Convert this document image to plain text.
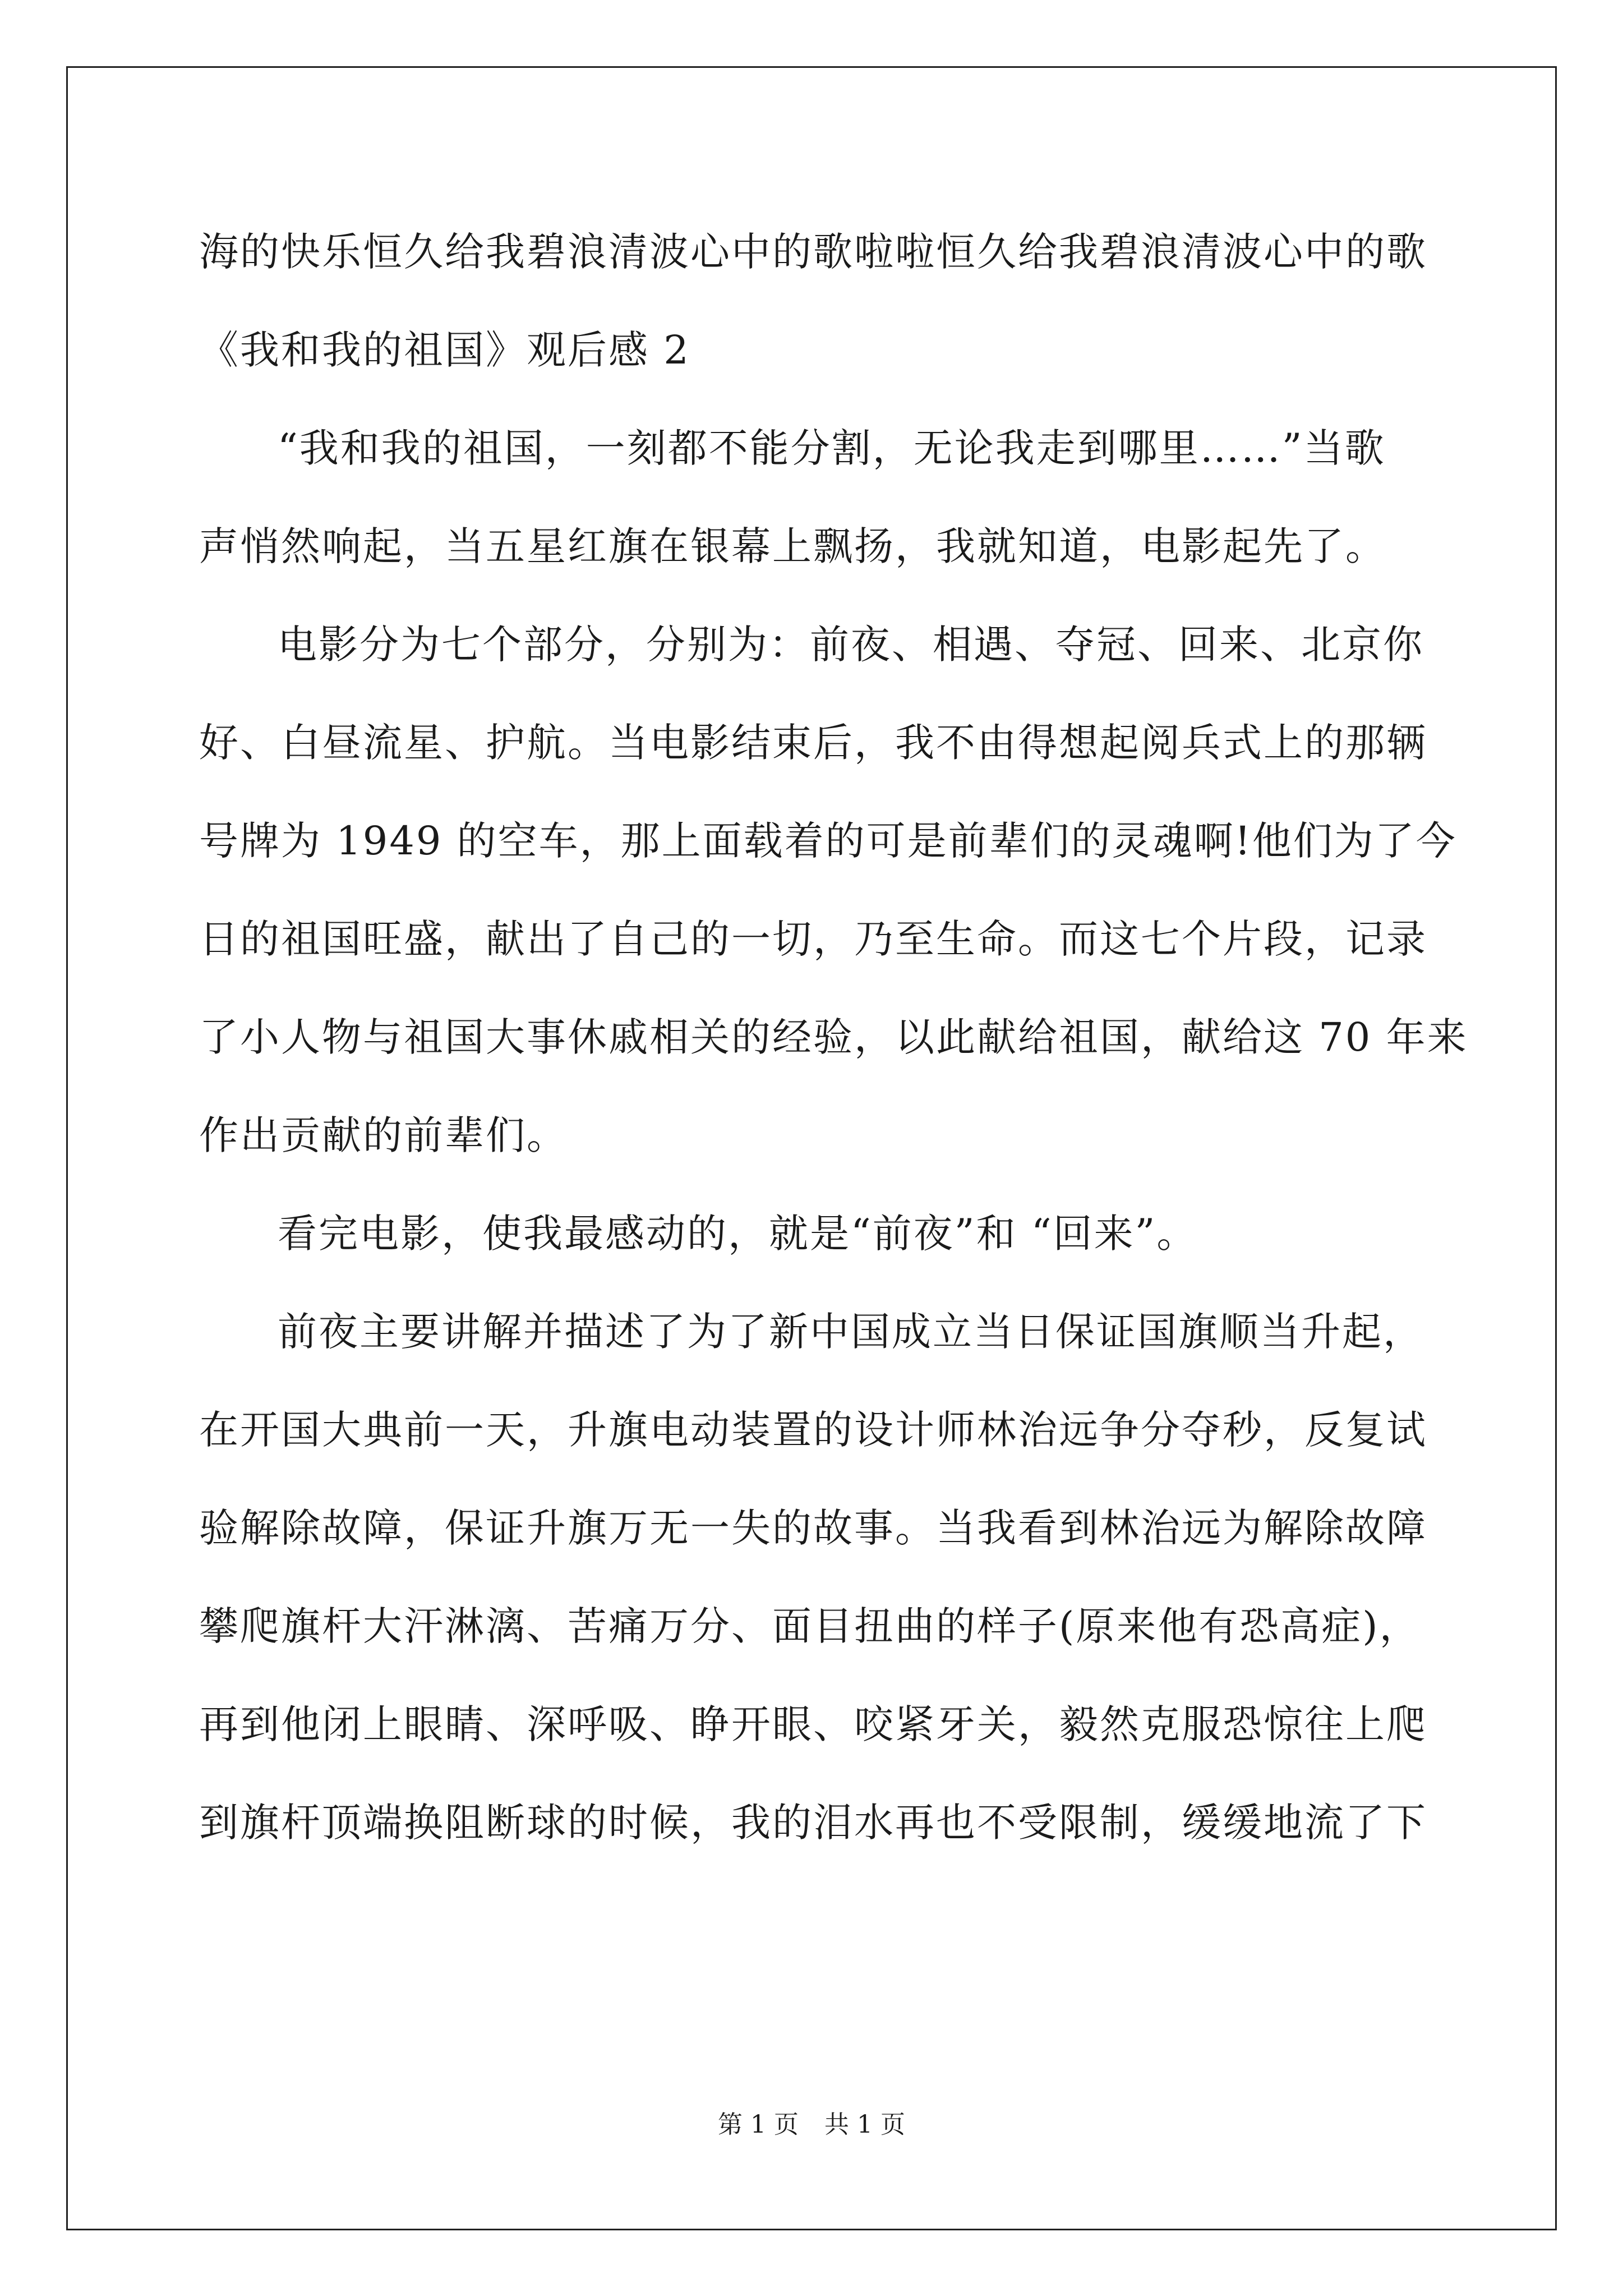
海的快乐恒久给我碧浪清波心中的歌啦啦恒久给我碧浪清波心中的歌
《我和我的祖国》观后感 2
“我和我的祖国，一刻都不能分割，无论我走到哪里……”当歌
声悄然响起，当五星红旗在银幕上飘扬，我就知道，电影起先了。
电影分为七个部分，分别为：前夜、相遇、夺冠、回来、北京你
好、白昼流星、护航。当电影结束后，我不由得想起阅兵式上的那辆
号牌为 1949 的空车，那上面载着的可是前辈们的灵魂啊!他们为了今
日的祖国旺盛，献出了自己的一切，乃至生命。而这七个片段，记录
了小人物与祖国大事休戚相关的经验，以此献给祖国，献给这 70 年来
作出贡献的前辈们。
看完电影，使我最感动的，就是“前夜”和 “回来”。
前夜主要讲解并描述了为了新中国成立当日保证国旗顺当升起，
在开国大典前一天，升旗电动装置的设计师林治远争分夺秒，反复试
验解除故障，保证升旗万无一失的故事。当我看到林治远为解除故障
攀爬旗杆大汗淋漓、苦痛万分、面目扭曲的样子(原来他有恐高症)，
再到他闭上眼睛、深呼吸、睁开眼、咬紧牙关，毅然克服恐惊往上爬
到旗杆顶端换阻断球的时候，我的泪水再也不受限制，缓缓地流了下
第 1 页 共 1 页
